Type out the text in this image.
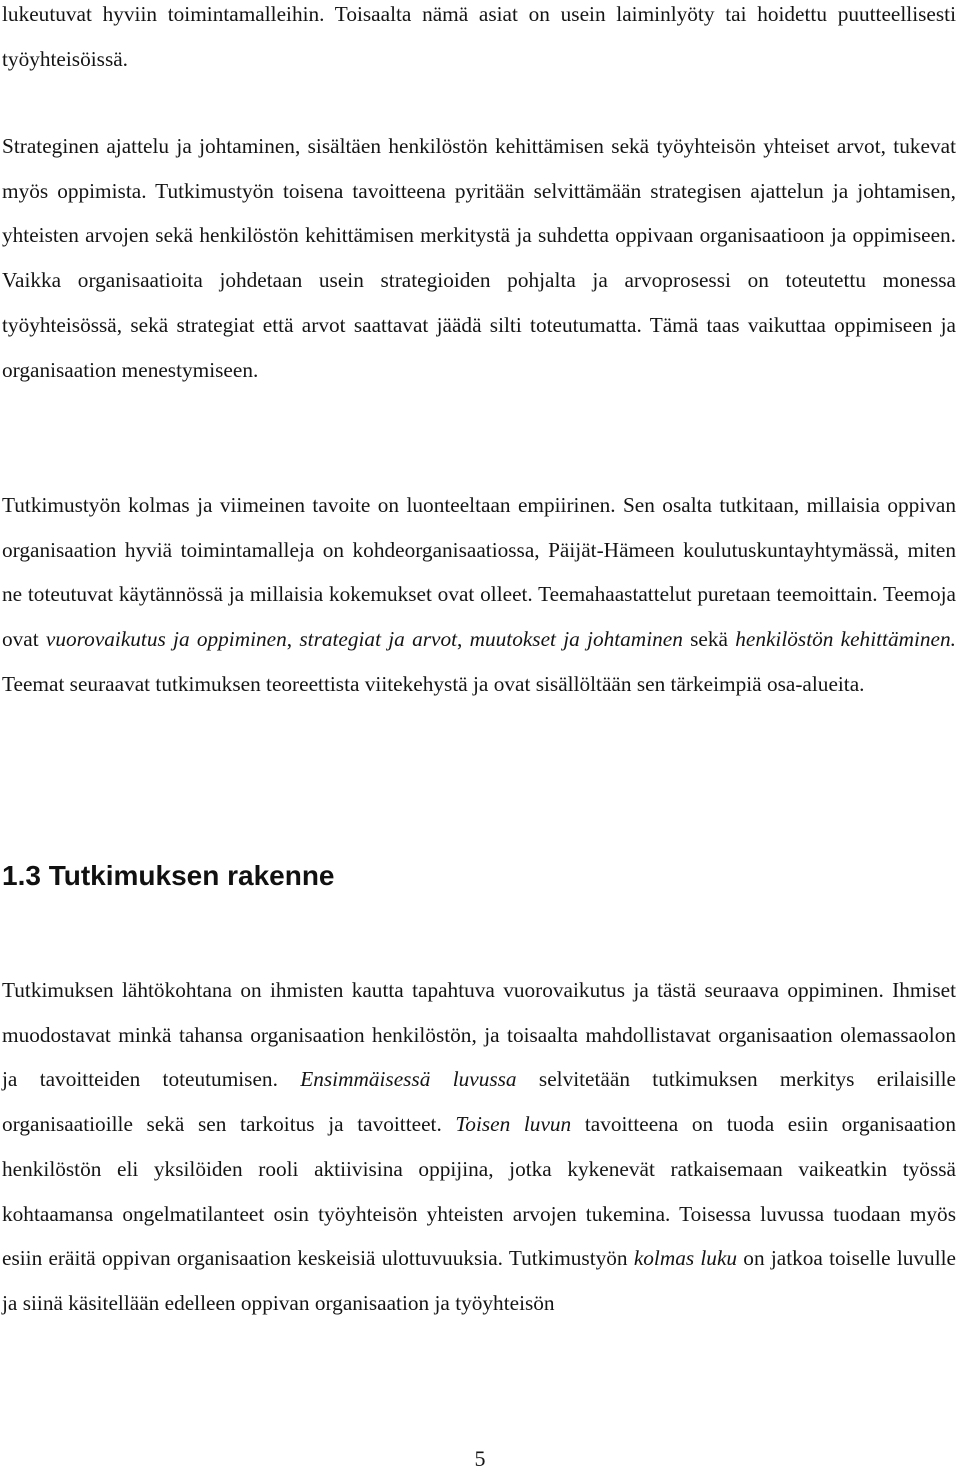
lukeutuvat hyviin toimintamalleihin. Toisaalta nämä asiat on usein laiminlyöty tai hoidettu puutteellisesti työyhteisöissä.

Strateginen ajattelu ja johtaminen, sisältäen henkilöstön kehittämisen sekä työyhteisön yhteiset arvot, tukevat myös oppimista. Tutkimustyön toisena tavoitteena pyritään selvittämään strategisen ajattelun ja johtamisen, yhteisten arvojen sekä henkilöstön kehittämisen merkitystä ja suhdetta oppivaan organisaatioon ja oppimiseen. Vaikka organisaatioita johdetaan usein strategioiden pohjalta ja arvoprosessi on toteutettu monessa työyhteisössä, sekä strategiat että arvot saattavat jäädä silti toteutumatta. Tämä taas vaikuttaa oppimiseen ja organisaation menestymiseen.

Tutkimustyön kolmas ja viimeinen tavoite on luonteeltaan empiirinen. Sen osalta tutkitaan, millaisia oppivan organisaation hyviä toimintamalleja on kohdeorganisaatiossa, Päijät-Hämeen koulutuskuntayhtymässä, miten ne toteutuvat käytännössä ja millaisia kokemukset ovat olleet. Teemahaastattelut puretaan teemoittain. Teemoja ovat vuorovaikutus ja oppiminen, strategiat ja arvot, muutokset ja johtaminen sekä henkilöstön kehittäminen. Teemat seuraavat tutkimuksen teoreettista viitekehystä ja ovat sisällöltään sen tärkeimpiä osa-alueita.

1.3 Tutkimuksen rakenne

Tutkimuksen lähtökohtana on ihmisten kautta tapahtuva vuorovaikutus ja tästä seuraava oppiminen. Ihmiset muodostavat minkä tahansa organisaation henkilöstön, ja toisaalta mahdollistavat organisaation olemassaolon ja tavoitteiden toteutumisen. Ensimmäisessä luvussa selvitetään tutkimuksen merkitys erilaisille organisaatioille sekä sen tarkoitus ja tavoitteet. Toisen luvun tavoitteena on tuoda esiin organisaation henkilöstön eli yksilöiden rooli aktiivisina oppijina, jotka kykenevät ratkaisemaan vaikeatkin työssä kohtaamansa ongelmatilanteet osin työyhteisön yhteisten arvojen tukemina. Toisessa luvussa tuodaan myös esiin eräitä oppivan organisaation keskeisiä ulottuvuuksia. Tutkimustyön kolmas luku on jatkoa toiselle luvulle ja siinä käsitellään edelleen oppivan organisaation ja työyhteisön

5
